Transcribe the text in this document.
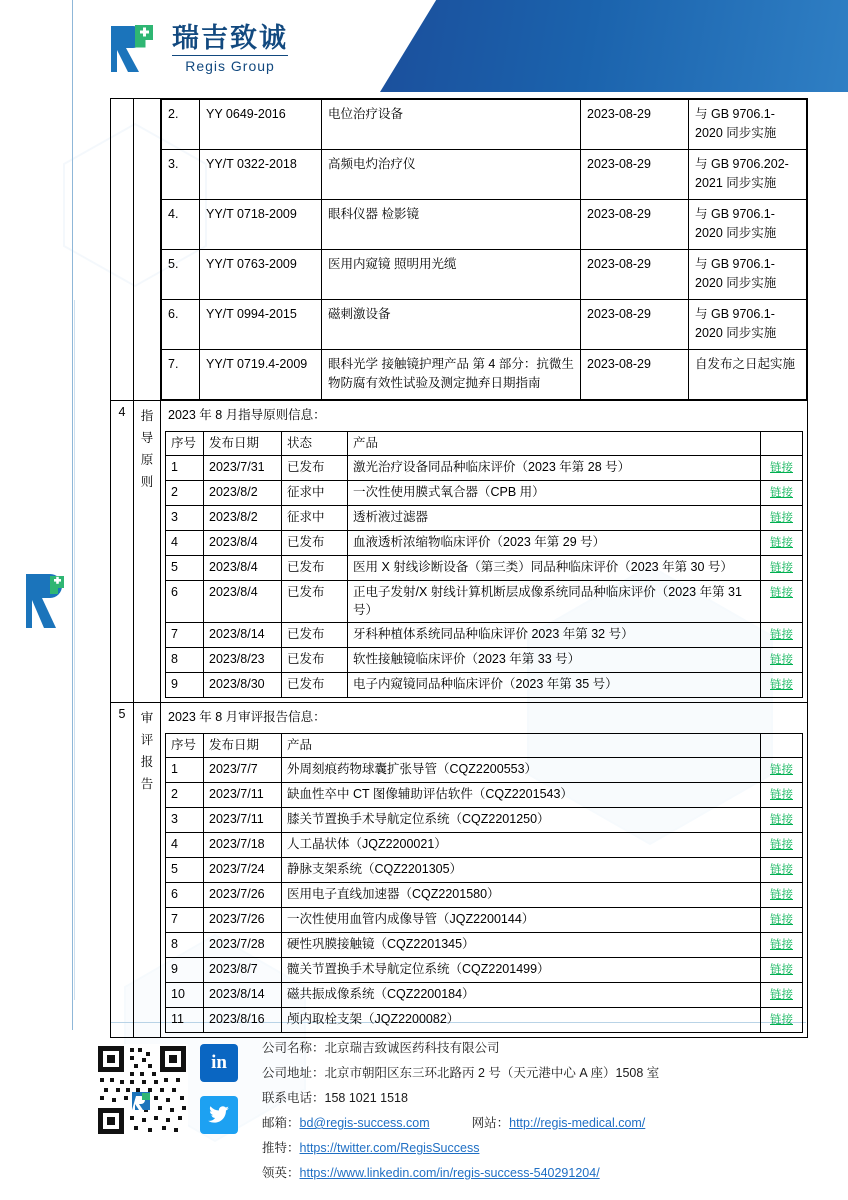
瑞吉致诚
Regis Group

2.	YY 0649-2016	电位治疗设备	2023-08-29	与 GB 9706.1-2020 同步实施
3.	YY/T 0322-2018	高频电灼治疗仪	2023-08-29	与 GB 9706.202-2021 同步实施
4.	YY/T 0718-2009	眼科仪器 检影镜	2023-08-29	与 GB 9706.1-2020 同步实施
5.	YY/T 0763-2009	医用内窥镜 照明用光缆	2023-08-29	与 GB 9706.1-2020 同步实施
6.	YY/T 0994-2015	磁刺激设备	2023-08-29	与 GB 9706.1-2020 同步实施
7.	YY/T 0719.4-2009	眼科光学 接触镜护理产品 第 4 部分：抗微生物防腐有效性试验及测定抛弃日期指南	2023-08-29	自发布之日起实施

4	指
导
原
则

2023 年 8 月指导原则信息：
序号	发布日期	状态	产品	
1	2023/7/31	已发布	激光治疗设备同品种临床评价（2023 年第 28 号）	链接
2	2023/8/2	征求中	一次性使用膜式氧合器（CPB 用）	链接
3	2023/8/2	征求中	透析液过滤器	链接
4	2023/8/4	已发布	血液透析浓缩物临床评价（2023 年第 29 号）	链接
5	2023/8/4	已发布	医用 X 射线诊断设备（第三类）同品种临床评价（2023 年第 30 号）	链接
6	2023/8/4	已发布	正电子发射/X 射线计算机断层成像系统同品种临床评价（2023 年第 31 号）	链接
7	2023/8/14	已发布	牙科种植体系统同品种临床评价 2023 年第 32 号）	链接
8	2023/8/23	已发布	软性接触镜临床评价（2023 年第 33 号）	链接
9	2023/8/30	已发布	电子内窥镜同品种临床评价（2023 年第 35 号）	链接

5	审
评
报
告

2023 年 8 月审评报告信息：
序号	发布日期	产品	
1	2023/7/7	外周刻痕药物球囊扩张导管（CQZ2200553）	链接
2	2023/7/11	缺血性卒中 CT 图像辅助评估软件（CQZ2201543）	链接
3	2023/7/11	膝关节置换手术导航定位系统（CQZ2201250）	链接
4	2023/7/18	人工晶状体（JQZ2200021）	链接
5	2023/7/24	静脉支架系统（CQZ2201305）	链接
6	2023/7/26	医用电子直线加速器（CQZ2201580）	链接
7	2023/7/26	一次性使用血管内成像导管（JQZ2200144）	链接
8	2023/7/28	硬性巩膜接触镜（CQZ2201345）	链接
9	2023/8/7	髋关节置换手术导航定位系统（CQZ2201499）	链接
10	2023/8/14	磁共振成像系统（CQZ2200184）	链接
11	2023/8/16	颅内取栓支架（JQZ2200082）	链接
in
公司名称：北京瑞吉致诚医药科技有限公司
公司地址：北京市朝阳区东三环北路丙 2 号（天元港中心 A 座）1508 室
联系电话：158 1021 1518
邮箱：bd@regis-success.com	网站：http://regis-medical.com/
推特：https://twitter.com/RegisSuccess
领英：https://www.linkedin.com/in/regis-success-540291204/
